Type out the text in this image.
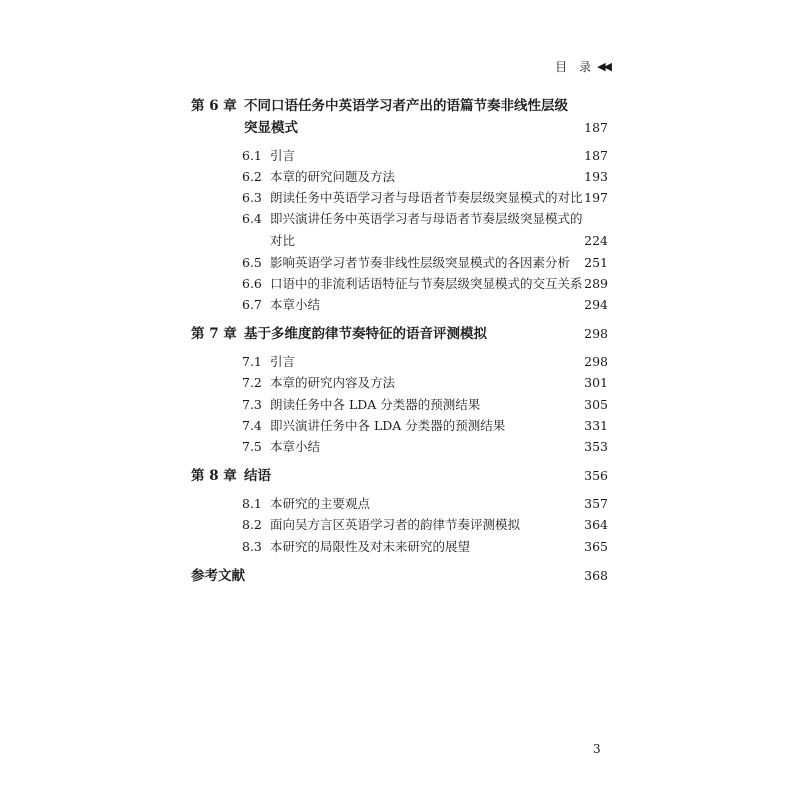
目　录 ◀◀
第 6 章 不同口语任务中英语学习者产出的语篇节奏非线性层级
突显模式	187
6.1 引言	187
6.2 本章的研究问题及方法	193
6.3 朗读任务中英语学习者与母语者节奏层级突显模式的对比 197
6.4 即兴演讲任务中英语学习者与母语者节奏层级突显模式的
对比	224
6.5 影响英语学习者节奏非线性层级突显模式的各因素分析 251
6.6 口语中的非流利话语特征与节奏层级突显模式的交互关系 289
6.7 本章小结	294
第 7 章 基于多维度韵律节奏特征的语音评测模拟	298
7.1 引言	298
7.2 本章的研究内容及方法	301
7.3 朗读任务中各 LDA 分类器的预测结果	305
7.4 即兴演讲任务中各 LDA 分类器的预测结果	331
7.5 本章小结	353
第 8 章 结语	356
8.1 本研究的主要观点	357
8.2 面向吴方言区英语学习者的韵律节奏评测模拟	364
8.3 本研究的局限性及对未来研究的展望	365
参考文献	368
3
